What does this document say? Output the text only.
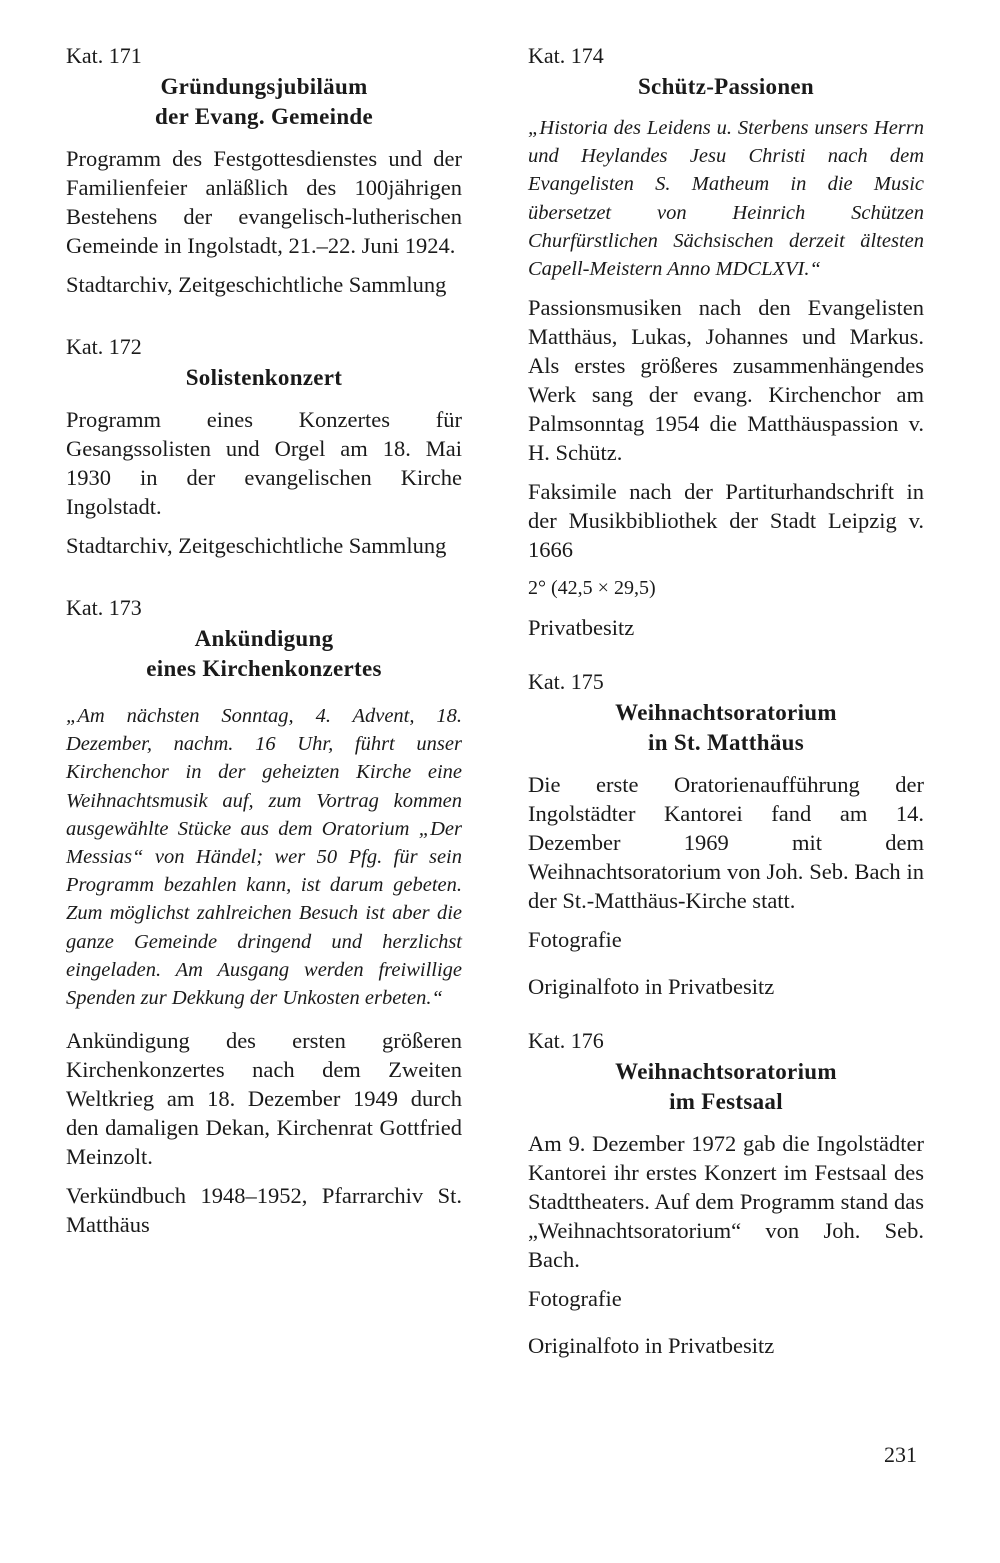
Kat. 171
Gründungsjubiläum
der Evang. Gemeinde

Programm des Festgottesdienstes und der Familienfeier anläßlich des 100jährigen Bestehens der evangelisch-lutherischen Gemeinde in Ingolstadt, 21.–22. Juni 1924.

Stadtarchiv, Zeitgeschichtliche Sammlung

Kat. 172
Solistenkonzert

Programm eines Konzertes für Gesangssolisten und Orgel am 18. Mai 1930 in der evangelischen Kirche Ingolstadt.

Stadtarchiv, Zeitgeschichtliche Sammlung

Kat. 173
Ankündigung
eines Kirchenkonzertes

„Am nächsten Sonntag, 4. Advent, 18. Dezember, nachm. 16 Uhr, führt unser Kirchenchor in der geheizten Kirche eine Weihnachtsmusik auf, zum Vortrag kommen ausgewählte Stücke aus dem Oratorium „Der Messias“ von Händel; wer 50 Pfg. für sein Programm bezahlen kann, ist darum gebeten. Zum möglichst zahlreichen Besuch ist aber die ganze Gemeinde dringend und herzlichst eingeladen. Am Ausgang werden freiwillige Spenden zur Dekkung der Unkosten erbeten.“

Ankündigung des ersten größeren Kirchenkonzertes nach dem Zweiten Weltkrieg am 18. Dezember 1949 durch den damaligen Dekan, Kirchenrat Gottfried Meinzolt.

Verkündbuch 1948–1952, Pfarrarchiv St. Matthäus

Kat. 174
Schütz-Passionen

„Historia des Leidens u. Sterbens unsers Herrn und Heylandes Jesu Christi nach dem Evangelisten S. Matheum in die Music übersetzet von Heinrich Schützen Churfürstlichen Sächsischen derzeit ältesten Capell-Meistern Anno MDCLXVI.“

Passionsmusiken nach den Evangelisten Matthäus, Lukas, Johannes und Markus. Als erstes größeres zusammenhängendes Werk sang der evang. Kirchenchor am Palmsonntag 1954 die Matthäuspassion v. H. Schütz.

Faksimile nach der Partiturhandschrift in der Musikbibliothek der Stadt Leipzig v. 1666

2° (42,5 × 29,5)

Privatbesitz

Kat. 175
Weihnachtsoratorium
in St. Matthäus

Die erste Oratorienaufführung der Ingolstädter Kantorei fand am 14. Dezember 1969 mit dem Weihnachtsoratorium von Joh. Seb. Bach in der St.-Matthäus-Kirche statt.

Fotografie

Originalfoto in Privatbesitz

Kat. 176
Weihnachtsoratorium
im Festsaal

Am 9. Dezember 1972 gab die Ingolstädter Kantorei ihr erstes Konzert im Festsaal des Stadttheaters. Auf dem Programm stand das „Weihnachtsoratorium“ von Joh. Seb. Bach.

Fotografie

Originalfoto in Privatbesitz

231
